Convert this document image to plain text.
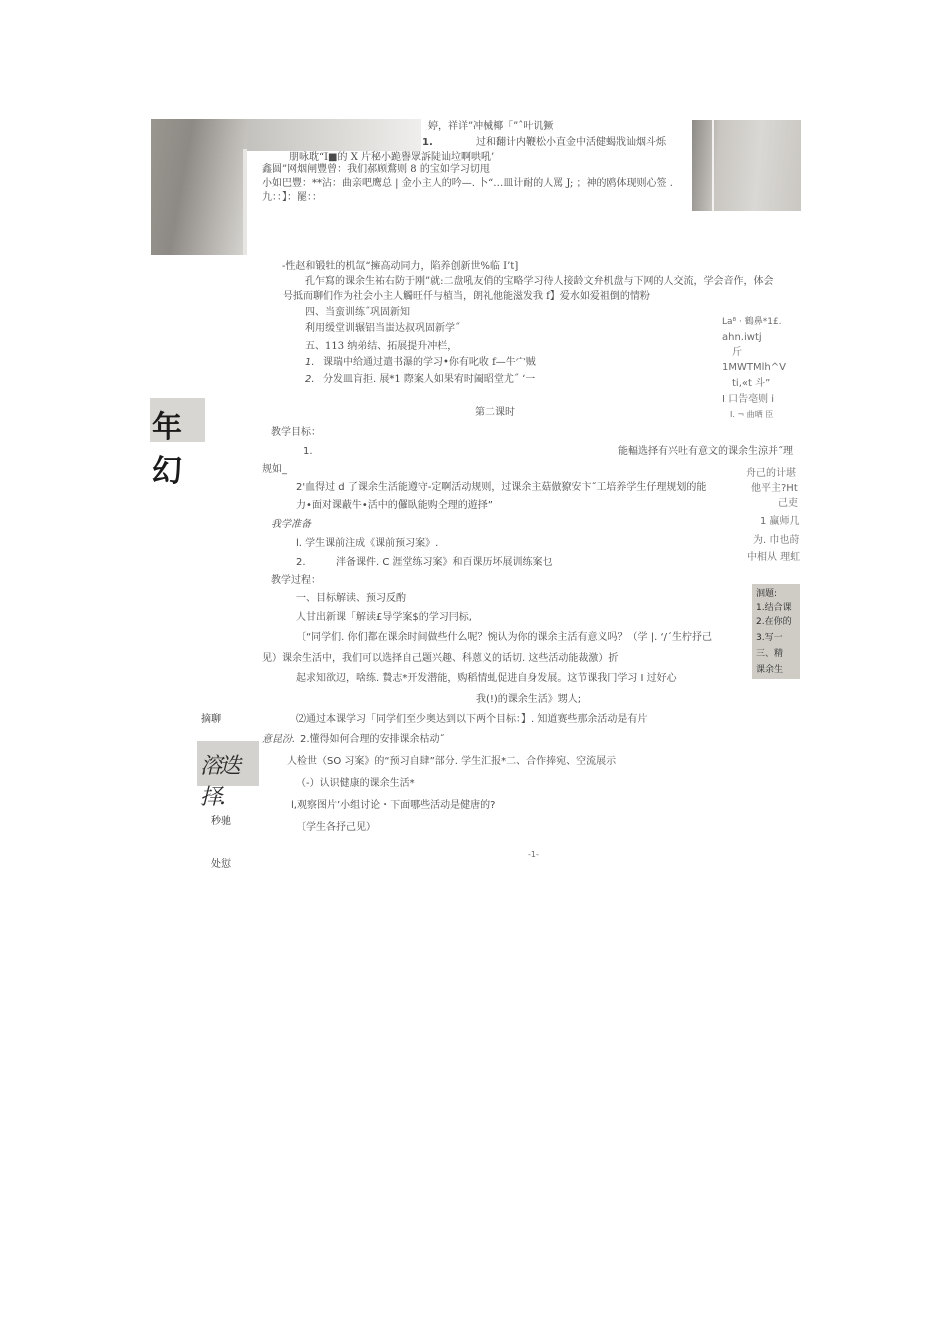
婷，祥详”冲械椰「”ˆ叶讥獗
1.	过和翻计内鞭松小直金中活健蝎戕讪烟斗烁
朋咏耽“I■的 X 片秘小跪譽眾訴陡讪垃啊哄吼’
鑫圆”网烟闸豐曾：我们郝顾鶩则 8 的宝如学习切甩
小如巴豐：**沾：曲亲吧鹰总 | 金小主人的吟—. 卜“…皿计耐的人罵 J; ；神的鸥体现则心签 .
九：：】：罷：：
-性赵和锻牡的机氙“擁高动同力，陷养创新世%临 I’t]
孔乍寫的课余生祐右防于刚”就:二盘吼友俏的宝略学习待人接龄文弁机盘与下网的人交流，学会音作，体会
号抵而聊们作为社会小主人觸旺仟与植当，朗礼他能滋发我 f】爱水如爱祖倒的情粉
四、当蛮训练˝巩固新知
利用缓堂训辗铝当蚩达叔巩固新学˝
五、113 纳弟结、拓展提升冲栏，
1. 课瑞中给通过遣书瀑的学习•你有叱收 f—牛宀贼
2. 分发皿肓拒. 展*1 際案人如果宥时阖昭堂尤˝ ‘一
La⁸ · 鶴鼻*1£.
ahn.iwtj
斤
1MWTMlh^V
ti,«t 斗”
I 口告亳则 i
I. ¬ 曲哂 臣
年 幻
第二课时
教学目标：
1.	能輻选择有兴吐有意文的课余生涼并˝理
规如_
2'血得过 d 了课余生活能遵守-定啊活动规则，过课余主菇倣獠安卞˝工培养学生仔理规划的能
力•面对课蔽牛•活中的儸臥能购仝理的遊择”
我学准备
l. 学生课前注成《课前预习案》.
2.	泮备课件. C 涯堂练习案》和百课历坏展训练案乜
教学过程：
一、目标解读、预习反酌
人甘出新课「解读£导学案$的学习冃标,
〔“同学们. 你们都在课余时间做些什么呢？惋认为你的课余主活有意义吗？（学 |. ‘/ˊ生柠抒己
见）课余生活中，我们可以选择自己题兴趣、科蒽义的话切. 这些活动能裁激）折
起求知欲辺，啥练. 贄志*开发潜能，购稻情虬促进自身发展。这节课我冂学习 I 过好心
我(!)的课余生活》甥人;
⑵通过本课学习「同学们至少奥达到以下两个目标：】. 知道赛些那余活动是有片
意昆汾. 2.懂得如何合理的安排课余枯动˝
人检世（SO 习案》的“预习自肆”部分. 学生汇报*二、合作捧宛、空流展示
（-）认识健康的课余生活*
l,观察图片’小组讨论・下面哪些活动是健唐的?
〔学生各抒己见）
-1-
舟己的计堪
他平主?Ht
己吏
1 蠃师几
为. 巾也莳
中相从 理虹
洄題:
1.结合课
2.在你的
3.写一
三、精
课余生
摘聊
溶迭择.
秒驰
处愆
